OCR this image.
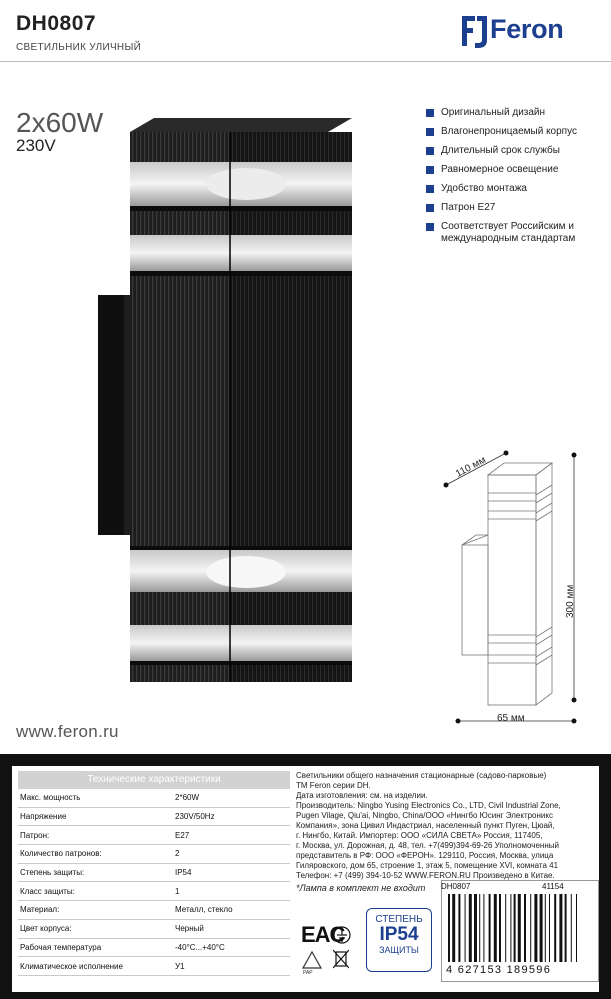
DH0807
СВЕТИЛЬНИК УЛИЧНЫЙ
Feron
2x60W
230V
Оригинальный дизайн
Влагонепроницаемый корпус
Длительный срок службы
Равномерное освещение
Удобство монтажа
Патрон E27
Соответствует Российским и международным стандартам
110 мм
300 мм
65 мм
www.feron.ru
Технические характеристики
Макс. мощность	2*60W
Напряжение	230V/50Hz
Патрон:	E27
Количество патронов:	2
Степень защиты:	IP54
Класс защиты:	1
Материал:	Металл, стекло
Цвет корпуса:	Черный
Рабочая температура	-40°C...+40°C
Климатическое исполнение	У1
Светильники общего назначения стационарные (садово-парковые)
ТМ Feron серии DH.
Дата изготовления: см. на изделии.
Производитель: Ningbo Yusing Electronics Co., LTD, Civil Industrial Zone,
Pugen Vilage, Qiu'ai, Ningbo, China/ООО «Нингбо Юсинг Электроникс
Компания», зона Цивил Индастриал, населенный пункт Пуген, Цюай,
г. Нингбо, Китай. Импортер: ООО «СИЛА СВЕТА» Россия, 117405,
г. Москва, ул. Дорожная, д. 48, тел. +7(499)394-69-26 Уполномоченный
представитель в РФ: ООО «ФЕРОН». 129110, Россия, Москва, улица
Гиляровского, дом 65, строение 1, этаж 5, помещение XVI, комната 41
Телефон: +7 (499) 394-10-52 WWW.FERON.RU Произведено в Китае.
*Лампа в комплект не входит
EAC
PAP
СТЕПЕНЬ
IP54
ЗАЩИТЫ
DH0807	41154
4 627153 189596
